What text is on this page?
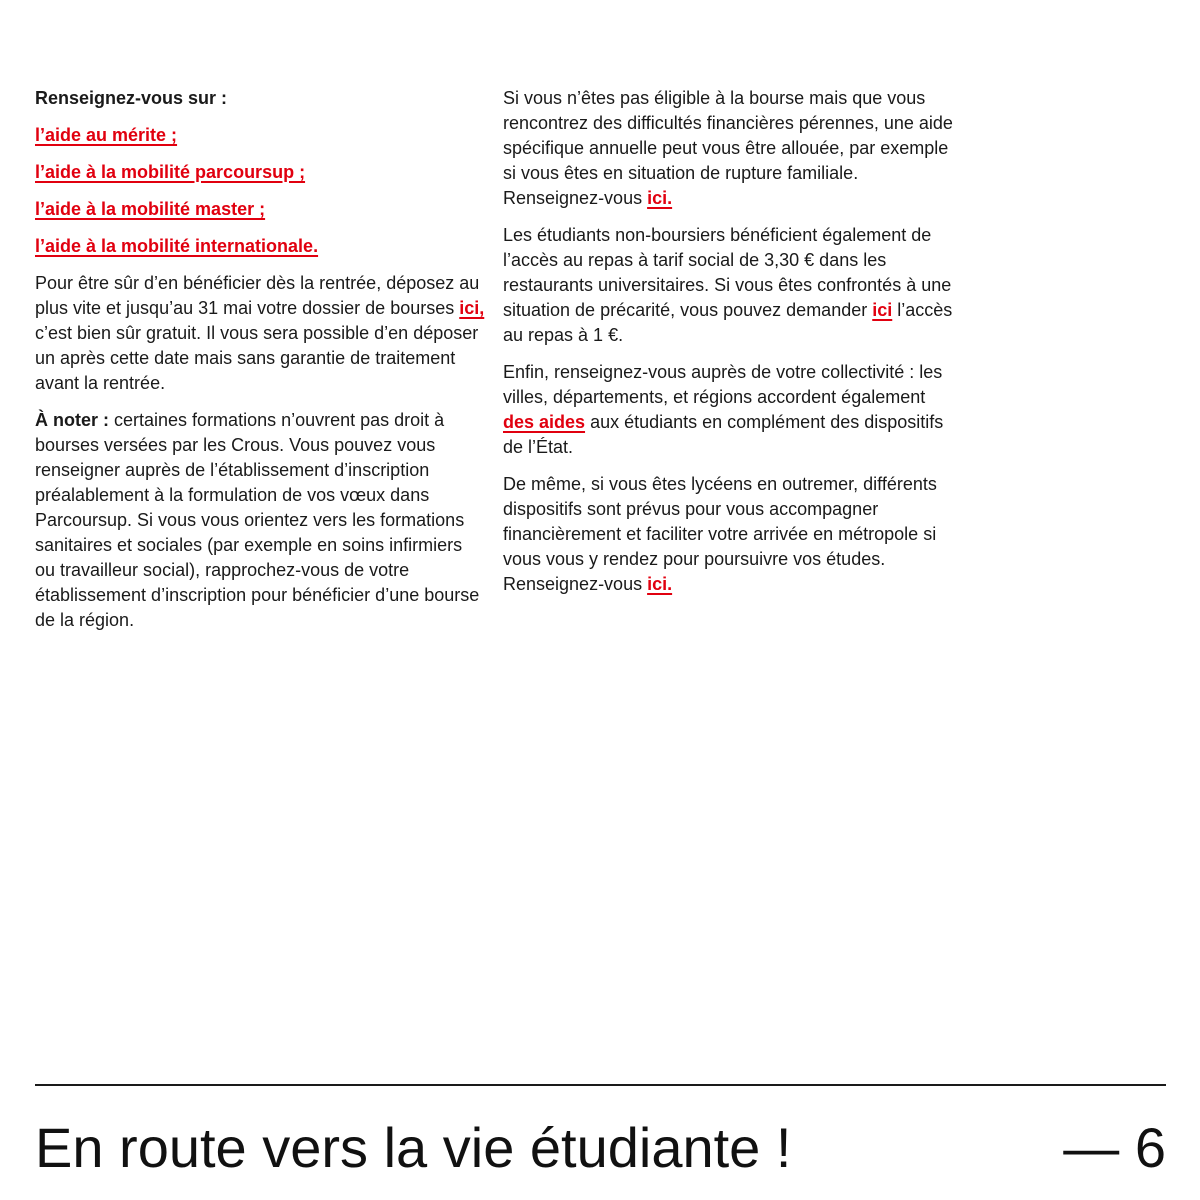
Renseignez-vous sur :

l’aide au mérite ;

l’aide à la mobilité parcoursup ;

l’aide à la mobilité master ;

l’aide à la mobilité internationale.

Pour être sûr d’en bénéficier dès la rentrée, déposez au plus vite et jusqu’au 31 mai votre dossier de bourses ici, c’est bien sûr gratuit. Il vous sera possible d’en déposer un après cette date mais sans garantie de traitement avant la rentrée.

À noter : certaines formations n’ouvrent pas droit à bourses versées par les Crous. Vous pouvez vous renseigner auprès de l’établissement d’inscription préalablement à la formulation de vos vœux dans Parcoursup. Si vous vous orientez vers les formations sanitaires et sociales (par exemple en soins infirmiers ou travailleur social), rapprochez-vous de votre établissement d’inscription pour bénéficier d’une bourse de la région.

Si vous n’êtes pas éligible à la bourse mais que vous rencontrez des difficultés financières pérennes, une aide spécifique annuelle peut vous être allouée, par exemple si vous êtes en situation de rupture familiale. Renseignez-vous ici.

Les étudiants non-boursiers bénéficient également de l’accès au repas à tarif social de 3,30 € dans les restaurants universitaires. Si vous êtes confrontés à une situation de précarité, vous pouvez demander ici l’accès au repas à 1 €.

Enfin, renseignez-vous auprès de votre collectivité : les villes, départements, et régions accordent également des aides aux étudiants en complément des dispositifs de l’État.

De même, si vous êtes lycéens en outremer, différents dispositifs sont prévus pour vous accompagner financièrement et faciliter votre arrivée en métropole si vous vous y rendez pour poursuivre vos études. Renseignez-vous ici.

En route vers la vie étudiante !	— 6
